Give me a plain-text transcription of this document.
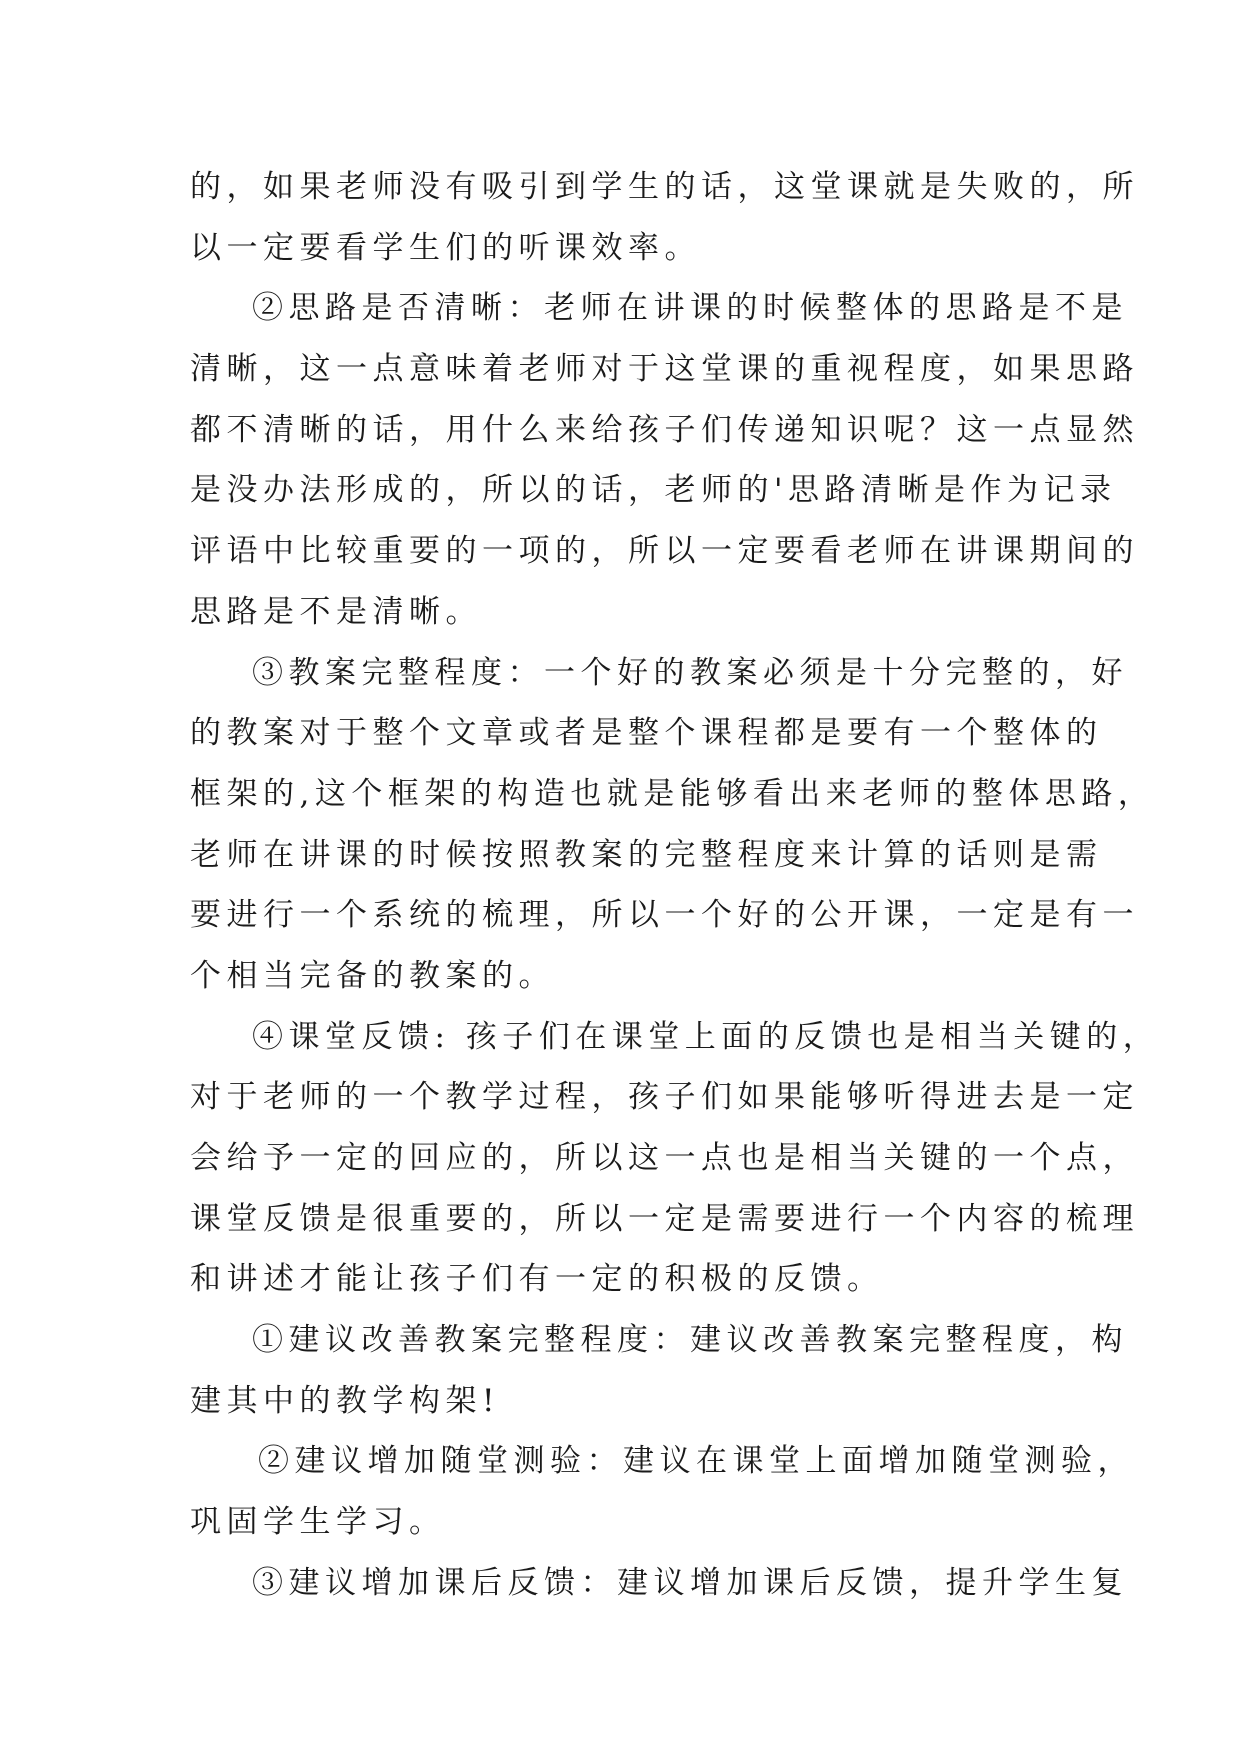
的，如果老师没有吸引到学生的话，这堂课就是失败的，所
以一定要看学生们的听课效率。
②思路是否清晰：老师在讲课的时候整体的思路是不是
清晰，这一点意味着老师对于这堂课的重视程度，如果思路
都不清晰的话，用什么来给孩子们传递知识呢？这一点显然
是没办法形成的，所以的话，老师的'思路清晰是作为记录
评语中比较重要的一项的，所以一定要看老师在讲课期间的
思路是不是清晰。
③教案完整程度：一个好的教案必须是十分完整的，好
的教案对于整个文章或者是整个课程都是要有一个整体的
框架的,这个框架的构造也就是能够看出来老师的整体思路，
老师在讲课的时候按照教案的完整程度来计算的话则是需
要进行一个系统的梳理，所以一个好的公开课，一定是有一
个相当完备的教案的。
④课堂反馈: 孩子们在课堂上面的反馈也是相当关键的，
对于老师的一个教学过程，孩子们如果能够听得进去是一定
会给予一定的回应的，所以这一点也是相当关键的一个点，
课堂反馈是很重要的，所以一定是需要进行一个内容的梳理
和讲述才能让孩子们有一定的积极的反馈。
①建议改善教案完整程度：建议改善教案完整程度，构
建其中的教学构架!
②建议增加随堂测验：建议在课堂上面增加随堂测验，
巩固学生学习。
③建议增加课后反馈：建议增加课后反馈，提升学生复
